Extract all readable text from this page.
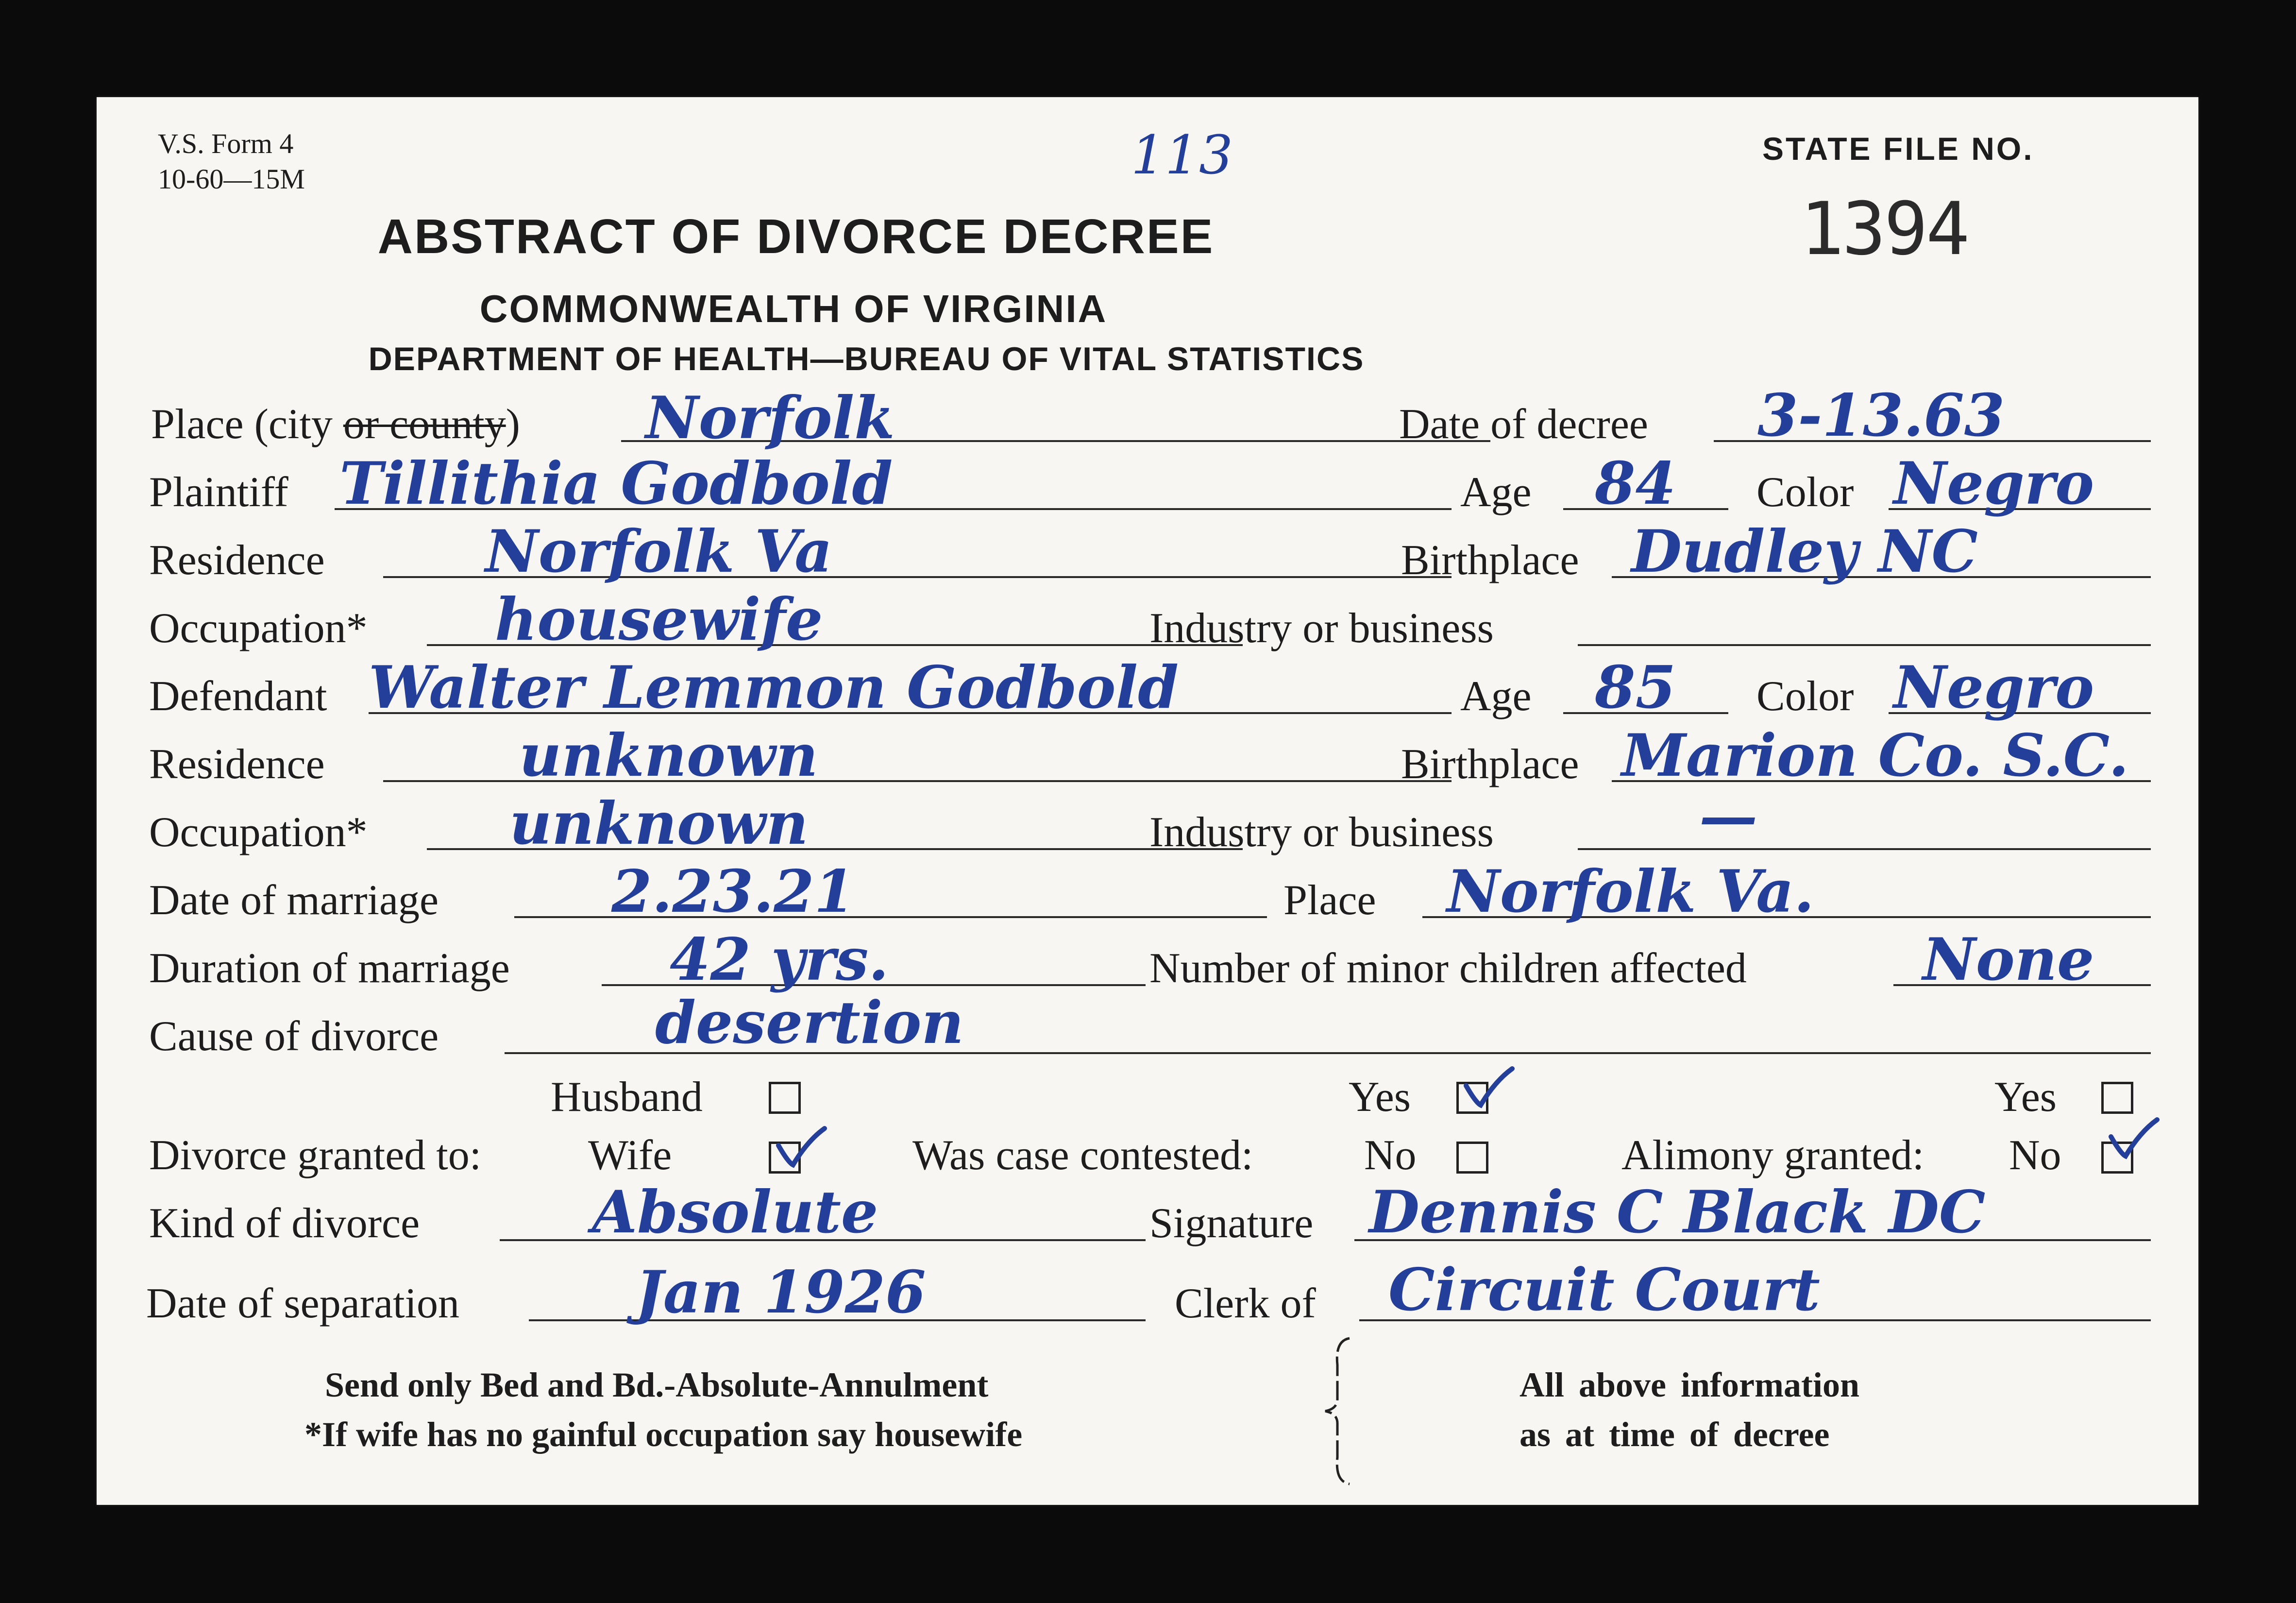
V.S. Form 4
10-60—15M	113	STATE FILE NO.
1394
ABSTRACT OF DIVORCE DECREE
COMMONWEALTH OF VIRGINIA
DEPARTMENT OF HEALTH—BUREAU OF VITAL STATISTICS
Place (city or county) Norfolk	Date of decree 3-13.63
Plaintiff Tillithia Godbold	Age 84 Color Negro
Residence	Norfolk Va	Birthplace Dudley NC
Occupation* housewife	Industry or business
Defendant Walter Lemmon Godbold	Age 85 Color Negro
Residence	unknown	Birthplace Marion Co. S.C.
Occupation* unknown	Industry or business	—
Date of marriage	2.23.21	Place Norfolk Va.
Duration of marriage	42 yrs.	Number of minor children affected	None
Cause of divorce	desertion
Husband	Yes	Yes
Divorce granted to: Wife	Was case contested:	No	Alimony granted: No
Kind of divorce	Absolute	Signature Dennis C Black DC
Date of separation	Jan 1926	Clerk of Circuit Court
Send only Bed and Bd.-Absolute-Annulment
*If wife has no gainful occupation say housewife
All above information
as at time of decree
